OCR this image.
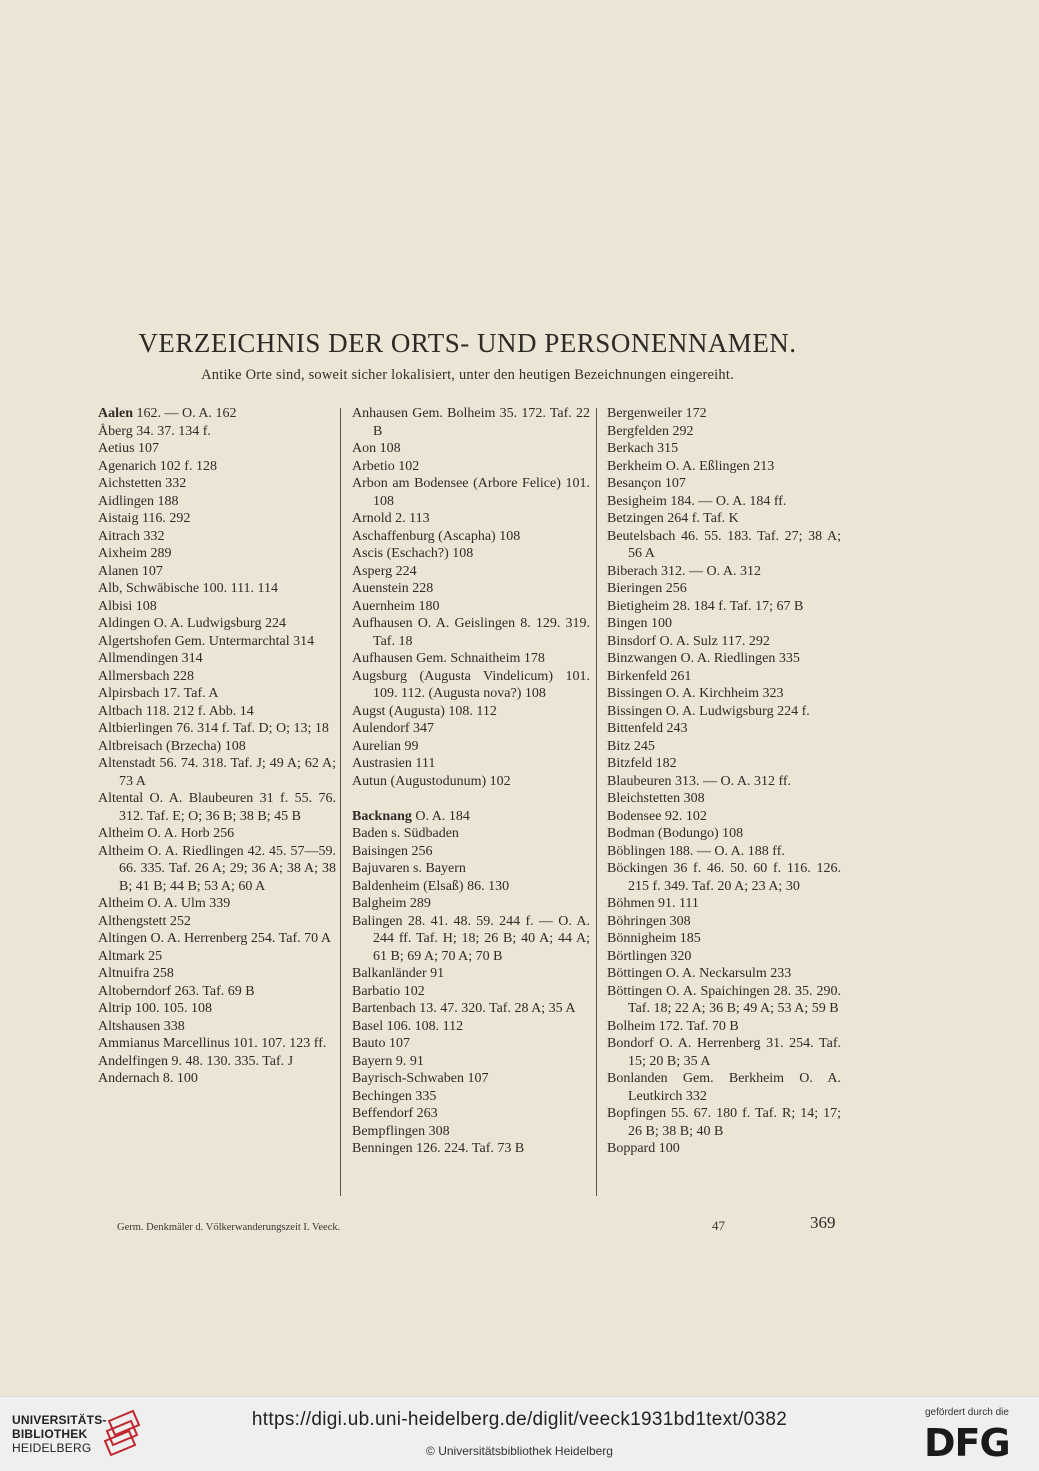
VERZEICHNIS DER ORTS- UND PERSONENNAMEN.
Antike Orte sind, soweit sicher lokalisiert, unter den heutigen Bezeichnungen eingereiht.
Aalen 162. — O. A. 162
Åberg 34. 37. 134 f.
Aetius 107
Agenarich 102 f. 128
Aichstetten 332
Aidlingen 188
Aistaig 116. 292
Aitrach 332
Aixheim 289
Alanen 107
Alb, Schwäbische 100. 111. 114
Albisi 108
Aldingen O. A. Ludwigsburg 224
Algertshofen Gem. Untermarchtal 314
Allmendingen 314
Allmersbach 228
Alpirsbach 17. Taf. A
Altbach 118. 212 f. Abb. 14
Altbierlingen 76. 314 f. Taf. D; O; 13; 18
Altbreisach (Brzecha) 108
Altenstadt 56. 74. 318. Taf. J; 49 A; 62 A; 73 A
Altental O. A. Blaubeuren 31 f. 55. 76. 312. Taf. E; O; 36 B; 38 B; 45 B
Altheim O. A. Horb 256
Altheim O. A. Riedlingen 42. 45. 57—59. 66. 335. Taf. 26 A; 29; 36 A; 38 A; 38 B; 41 B; 44 B; 53 A; 60 A
Altheim O. A. Ulm 339
Althengstett 252
Altingen O. A. Herrenberg 254. Taf. 70 A
Altmark 25
Altnuifra 258
Altoberndorf 263. Taf. 69 B
Altrip 100. 105. 108
Altshausen 338
Ammianus Marcellinus 101. 107. 123 ff.
Andelfingen 9. 48. 130. 335. Taf. J
Andernach 8. 100
Anhausen Gem. Bolheim 35. 172. Taf. 22 B
Aon 108
Arbetio 102
Arbon am Bodensee (Arbore Felice) 101. 108
Arnold 2. 113
Aschaffenburg (Ascapha) 108
Ascis (Eschach?) 108
Asperg 224
Auenstein 228
Auernheim 180
Aufhausen O. A. Geislingen 8. 129. 319. Taf. 18
Aufhausen Gem. Schnaitheim 178
Augsburg (Augusta Vindelicum) 101. 109. 112. (Augusta nova?) 108
Augst (Augusta) 108. 112
Aulendorf 347
Aurelian 99
Austrasien 111
Autun (Augustodunum) 102
Backnang O. A. 184
Baden s. Südbaden
Baisingen 256
Bajuvaren s. Bayern
Baldenheim (Elsaß) 86. 130
Balgheim 289
Balingen 28. 41. 48. 59. 244 f. — O. A. 244 ff. Taf. H; 18; 26 B; 40 A; 44 A; 61 B; 69 A; 70 A; 70 B
Balkanländer 91
Barbatio 102
Bartenbach 13. 47. 320. Taf. 28 A; 35 A
Basel 106. 108. 112
Bauto 107
Bayern 9. 91
Bayrisch-Schwaben 107
Bechingen 335
Beffendorf 263
Bempflingen 308
Benningen 126. 224. Taf. 73 B
Bergenweiler 172
Bergfelden 292
Berkach 315
Berkheim O. A. Eßlingen 213
Besançon 107
Besigheim 184. — O. A. 184 ff.
Betzingen 264 f. Taf. K
Beutelsbach 46. 55. 183. Taf. 27; 38 A; 56 A
Biberach 312. — O. A. 312
Bieringen 256
Bietigheim 28. 184 f. Taf. 17; 67 B
Bingen 100
Binsdorf O. A. Sulz 117. 292
Binzwangen O. A. Riedlingen 335
Birkenfeld 261
Bissingen O. A. Kirchheim 323
Bissingen O. A. Ludwigsburg 224 f.
Bittenfeld 243
Bitz 245
Bitzfeld 182
Blaubeuren 313. — O. A. 312 ff.
Bleichstetten 308
Bodensee 92. 102
Bodman (Bodungo) 108
Böblingen 188. — O. A. 188 ff.
Böckingen 36 f. 46. 50. 60 f. 116. 126. 215 f. 349. Taf. 20 A; 23 A; 30
Böhmen 91. 111
Böhringen 308
Bönnigheim 185
Börtlingen 320
Böttingen O. A. Neckarsulm 233
Böttingen O. A. Spaichingen 28. 35. 290. Taf. 18; 22 A; 36 B; 49 A; 53 A; 59 B
Bolheim 172. Taf. 70 B
Bondorf O. A. Herrenberg 31. 254. Taf. 15; 20 B; 35 A
Bonlanden Gem. Berkheim O. A. Leutkirch 332
Bopfingen 55. 67. 180 f. Taf. R; 14; 17; 26 B; 38 B; 40 B
Boppard 100
Germ. Denkmäler d. Völkerwanderungszeit I. Veeck.	47	369
UNIVERSITÄTS-
BIBLIOTHEK
HEIDELBERG
https://digi.ub.uni-heidelberg.de/diglit/veeck1931bd1text/0382
© Universitätsbibliothek Heidelberg
gefördert durch die
DFG
